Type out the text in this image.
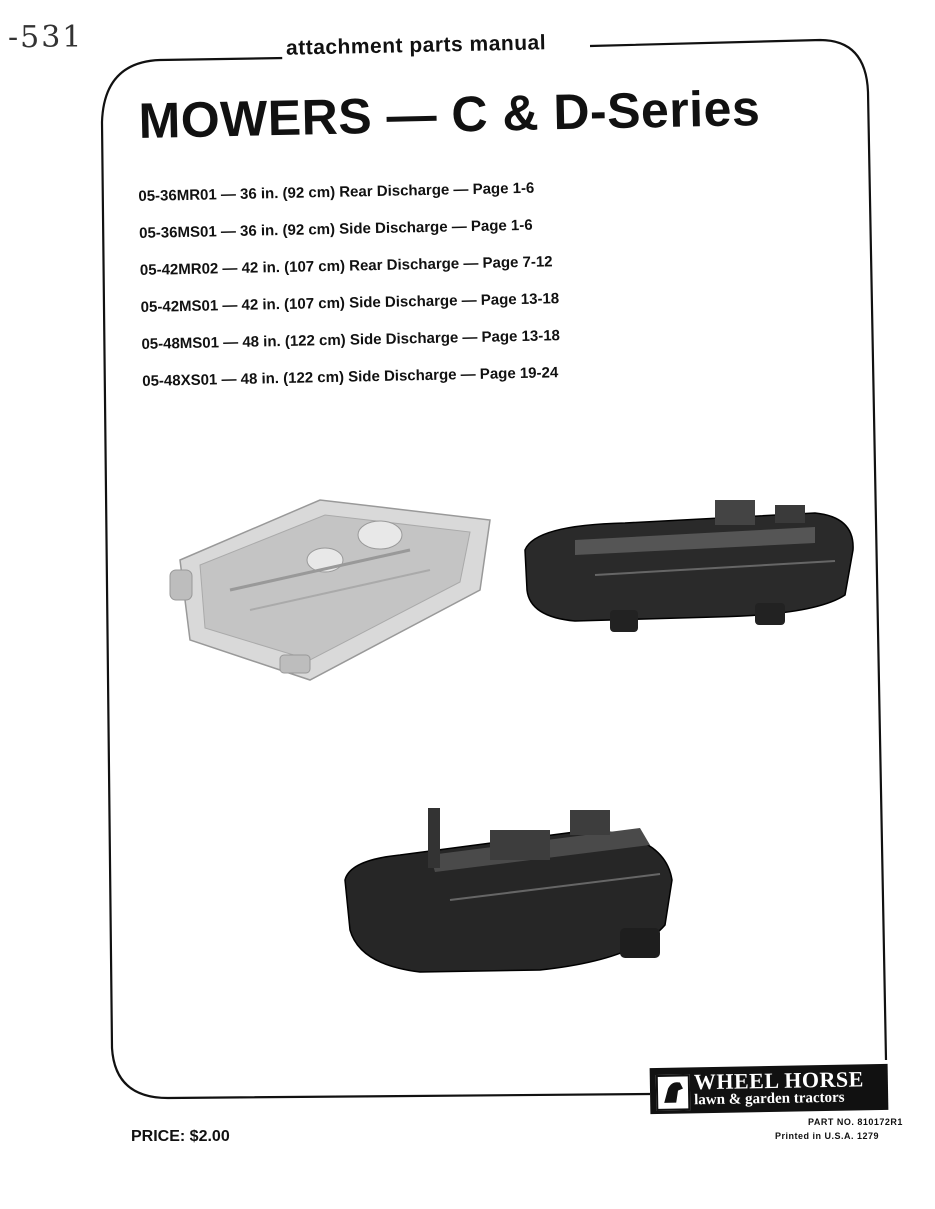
-531	attachment parts manual
MOWERS — C & D-Series
05-36MR01 — 36 in. (92 cm) Rear Discharge — Page 1-6
05-36MS01 — 36 in. (92 cm) Side Discharge — Page 1-6
05-42MR02 — 42 in. (107 cm) Rear Discharge — Page 7-12
05-42MS01 — 42 in. (107 cm) Side Discharge — Page 13-18
05-48MS01 — 48 in. (122 cm) Side Discharge — Page 13-18
05-48XS01 — 48 in. (122 cm) Side Discharge — Page 19-24
WHEEL HORSE
lawn & garden tractors
PART NO. 810172R1
Printed in U.S.A. 1279
PRICE: $2.00
